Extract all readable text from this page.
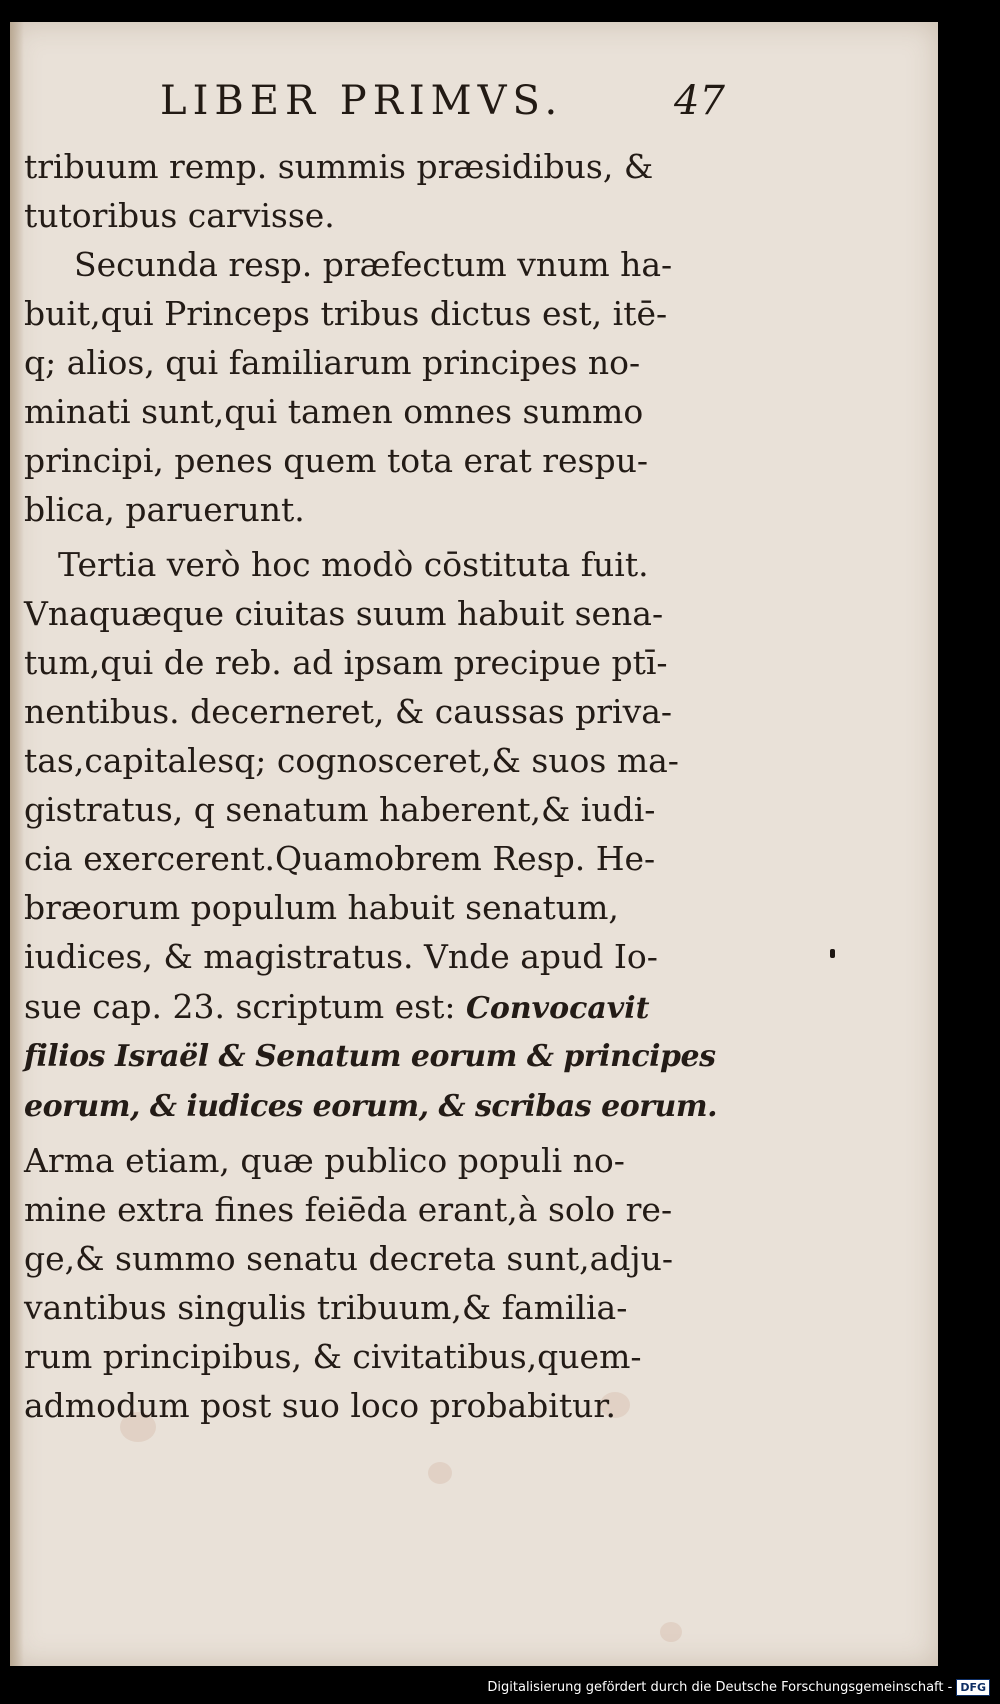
LIBER PRIMVS.	47
tribuum remp. summis præsidibus, &
tutoribus carvisse.
Secunda resp. præfectum vnum ha-
buit,qui Princeps tribus dictus est, itē-
q; alios, qui familiarum principes no-
minati sunt,qui tamen omnes summo
principi, penes quem tota erat respu-
blica, paruerunt.
Tertia verò hoc modò cōstituta fuit.
Vnaquæque ciuitas suum habuit sena-
tum,qui de reb. ad ipsam precipue ptī-
nentibus. decerneret, & caussas priva-
tas,capitalesq; cognosceret,& suos ma-
gistratus, q senatum haberent,& iudi-
cia exercerent.Quamobrem Resp. He-
bræorum populum habuit senatum,
iudices, & magistratus. Vnde apud Io-
sue cap. 23. scriptum est: Convocavit
filios Israël & Senatum eorum & principes
eorum, & iudices eorum, & scribas eorum.
Arma etiam, quæ publico populi no-
mine extra fines feiēda erant,à solo re-
ge,& summo senatu decreta sunt,adju-
vantibus singulis tribuum,& familia-
rum principibus, & civitatibus,quem-
admodum post suo loco probabitur.
Digitalisierung gefördert durch die Deutsche Forschungsgemeinschaft - DFG
